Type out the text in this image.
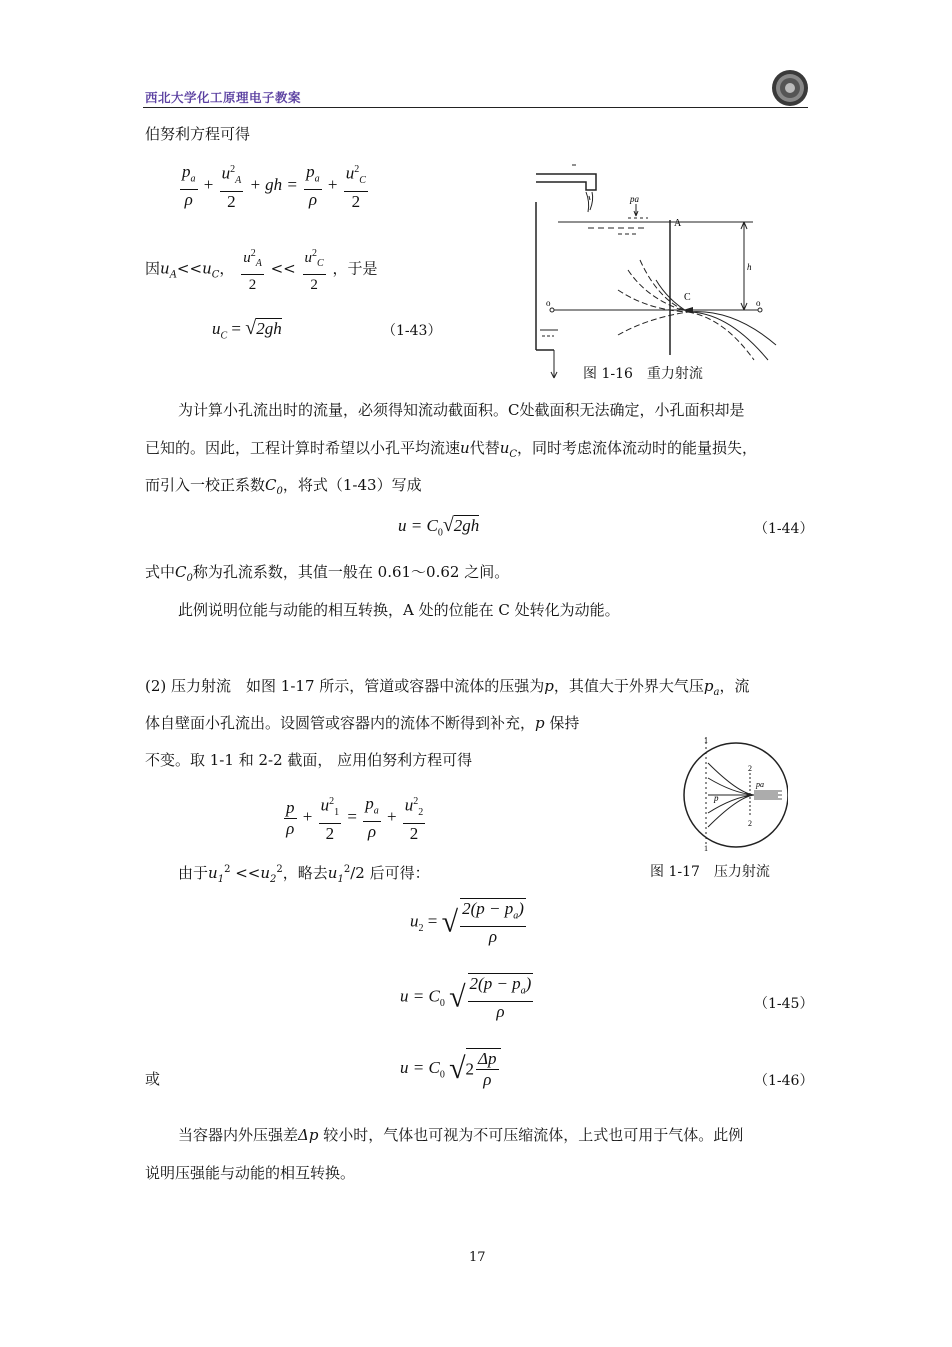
西北大学化工原理电子教案
伯努利方程可得
$\frac{p_a}{\rho} + \frac{u^2_A}{2}$ + gh = $\frac{p_a}{\rho} + \frac{u^2_C}{2}$
因$u_A<<u_C$， $\frac{u^2_A}{2} << \frac{u^2_C}{2}$ ，于是
$u_C = √2gh$	（1-43）
pa
A
h
o	o
C
图 1-16　重力射流
为计算小孔流出时的流量，必须得知流动截面积。C处截面积无法确定，小孔面积却是
已知的。因此，工程计算时希望以小孔平均流速u代替$u_C$，同时考虑流体流动时的能量损失，
而引入一校正系数$C_0$，将式（1-43）写成
$u = C_0√2gh$	（1-44）
式中$C_0$称为孔流系数，其值一般在 0.61～0.62 之间。
此例说明位能与动能的相互转换，A 处的位能在 C 处转化为动能。
(2) 压力射流　如图 1-17 所示，管道或容器中流体的压强为p，其值大于外界大气压$p_a$，流
体自壁面小孔流出。设圆管或容器内的流体不断得到补充，p 保持
不变。取 1-1 和 2-2 截面， 应用伯努利方程可得
$\frac{p}{\rho} + \frac{u^2_1}{2} = \frac{p_a}{\rho} + \frac{u^2_2}{2}$
1
1
2
2
p
pa
由于$u_1^2 <<u_2^2$，略去$u_1^2/2$ 后可得：	图 1-17　压力射流
$u_2$ = √ $\frac{2(p - p_a)}{\rho}$
$u = C_0$ √ $\frac{2(p - p_a)}{\rho}$	（1-45）
或
$u = C_0$ $√2 \frac{\Delta p}{\rho}$	（1-46）
当容器内外压强差Δp 较小时，气体也可视为不可压缩流体，上式也可用于气体。此例
说明压强能与动能的相互转换。
17
